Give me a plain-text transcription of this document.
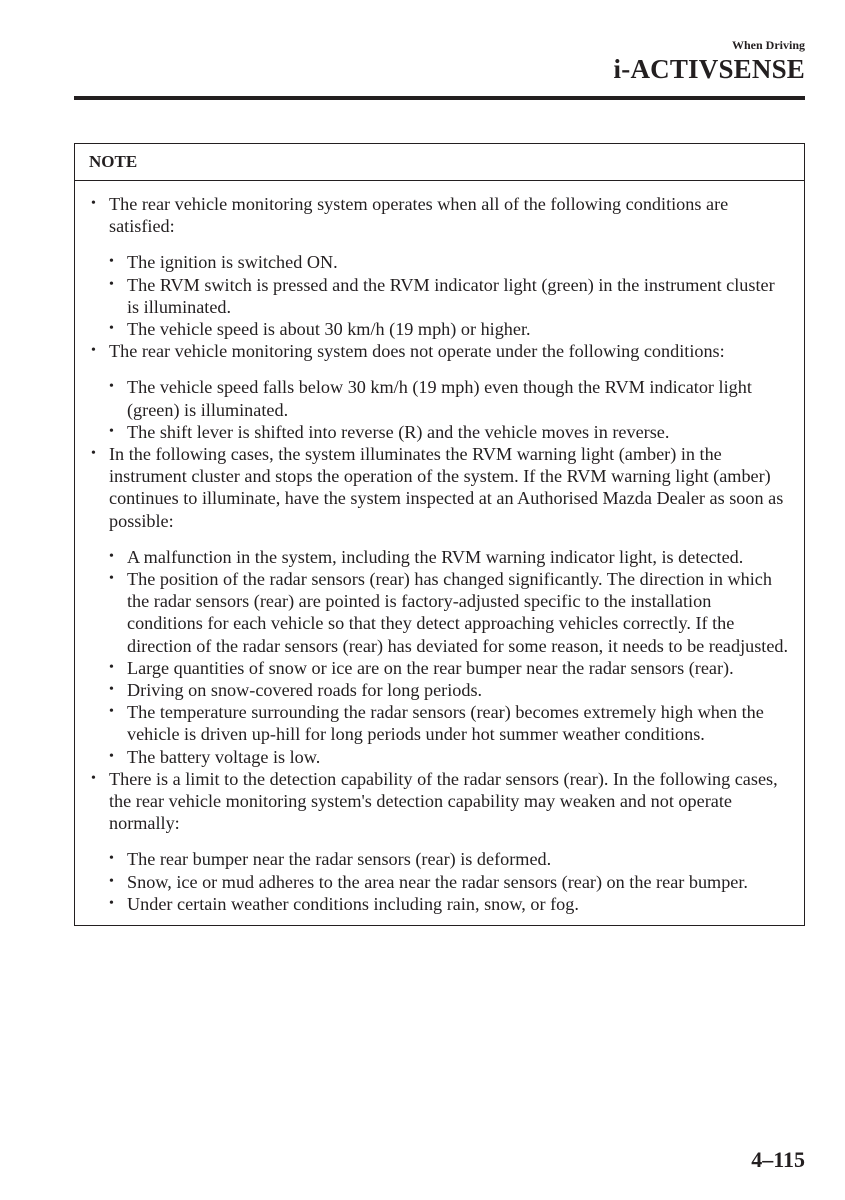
When Driving
i-ACTIVSENSE
NOTE
• The rear vehicle monitoring system operates when all of the following conditions are satisfied:
• The ignition is switched ON.
• The RVM switch is pressed and the RVM indicator light (green) in the instrument cluster is illuminated.
• The vehicle speed is about 30 km/h (19 mph) or higher.
• The rear vehicle monitoring system does not operate under the following conditions:
• The vehicle speed falls below 30 km/h (19 mph) even though the RVM indicator light (green) is illuminated.
• The shift lever is shifted into reverse (R) and the vehicle moves in reverse.
• In the following cases, the system illuminates the RVM warning light (amber) in the instrument cluster and stops the operation of the system. If the RVM warning light (amber) continues to illuminate, have the system inspected at an Authorised Mazda Dealer as soon as possible:
• A malfunction in the system, including the RVM warning indicator light, is detected.
• The position of the radar sensors (rear) has changed significantly. The direction in which the radar sensors (rear) are pointed is factory-adjusted specific to the installation conditions for each vehicle so that they detect approaching vehicles correctly. If the direction of the radar sensors (rear) has deviated for some reason, it needs to be readjusted.
• Large quantities of snow or ice are on the rear bumper near the radar sensors (rear).
• Driving on snow-covered roads for long periods.
• The temperature surrounding the radar sensors (rear) becomes extremely high when the vehicle is driven up-hill for long periods under hot summer weather conditions.
• The battery voltage is low.
• There is a limit to the detection capability of the radar sensors (rear). In the following cases, the rear vehicle monitoring system's detection capability may weaken and not operate normally:
• The rear bumper near the radar sensors (rear) is deformed.
• Snow, ice or mud adheres to the area near the radar sensors (rear) on the rear bumper.
• Under certain weather conditions including rain, snow, or fog.
4–115
